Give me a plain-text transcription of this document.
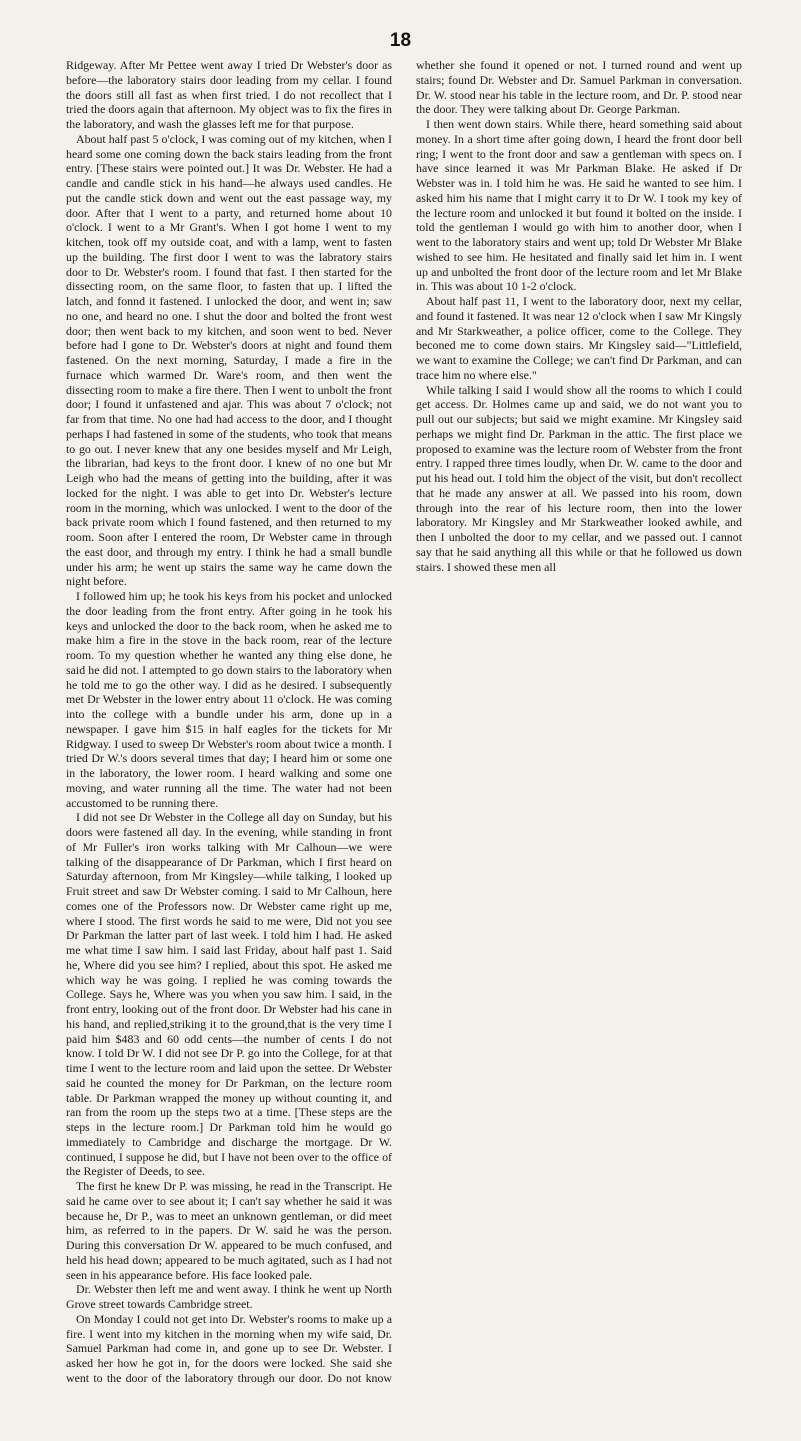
18

Ridgeway. After Mr Pettee went away I tried Dr Webster's door as before—the laboratory stairs door leading from my cellar. I found the doors still all fast as when first tried. I do not recollect that I tried the doors again that afternoon. My object was to fix the fires in the laboratory, and wash the glasses left me for that purpose.

About half past 5 o'clock, I was coming out of my kitchen, when I heard some one coming down the back stairs leading from the front entry. [These stairs were pointed out.] It was Dr. Webster. He had a candle and candle stick in his hand—he always used candles. He put the candle stick down and went out the east passage way, my door. After that I went to a party, and returned home about 10 o'clock. I went to a Mr Grant's. When I got home I went to my kitchen, took off my outside coat, and with a lamp, went to fasten up the building. The first door I went to was the labratory stairs door to Dr. Webster's room. I found that fast. I then started for the dissecting room, on the same floor, to fasten that up. I lifted the latch, and fonnd it fastened. I unlocked the door, and went in; saw no one, and heard no one. I shut the door and bolted the front west door; then went back to my kitchen, and soon went to bed. Never before had I gone to Dr. Webster's doors at night and found them fastened. On the next morning, Saturday, I made a fire in the furnace which warmed Dr. Ware's room, and then went the dissecting room to make a fire there. Then I went to unbolt the front door; I found it unfastened and ajar. This was about 7 o'clock; not far from that time. No one had had access to the door, and I thought perhaps I had fastened in some of the students, who took that means to go out. I never knew that any one besides myself and Mr Leigh, the librarian, had keys to the front door. I knew of no one but Mr Leigh who had the means of getting into the building, after it was locked for the night. I was able to get into Dr. Webster's lecture room in the morning, which was unlocked. I went to the door of the back private room which I found fastened, and then returned to my room. Soon after I entered the room, Dr Webster came in through the east door, and through my entry. I think he had a small bundle under his arm; he went up stairs the same way he came down the night before.

I followed him up; he took his keys from his pocket and unlocked the door leading from the front entry. After going in he took his keys and unlocked the door to the back room, when he asked me to make him a fire in the stove in the back room, rear of the lecture room. To my question whether he wanted any thing else done, he said he did not. I attempted to go down stairs to the laboratory when he told me to go the other way. I did as he desired. I subsequently met Dr Webster in the lower entry about 11 o'clock. He was coming into the college with a bundle under his arm, done up in a newspaper. I gave him $15 in half eagles for the tickets for Mr Ridgway. I used to sweep Dr Webster's room about twice a month. I tried Dr W.'s doors several times that day; I heard him or some one in the laboratory, the lower room. I heard walking and some one moving, and water running all the time. The water had not been accustomed to be running there.

I did not see Dr Webster in the College all day on Sunday, but his doors were fastened all day. In the evening, while standing in front of Mr Fuller's iron works talking with Mr Calhoun—we were talking of the disappearance of Dr Parkman, which I first heard on Saturday afternoon, from Mr Kingsley—while talking, I looked up Fruit street and saw Dr Webster coming. I said to Mr Calhoun, here comes one of the Professors now. Dr Webster came right up me, where I stood. The first words he said to me were, Did not you see Dr Parkman the latter part of last week. I told him I had. He asked me what time I saw him. I said last Friday, about half past 1. Said he, Where did you see him? I replied, about this spot. He asked me which way he was going. I replied he was coming towards the College. Says he, Where was you when you saw him. I said, in the front entry, looking out of the front door. Dr Webster had his cane in his hand, and replied,striking it to the ground,that is the very time I paid him $483 and 60 odd cents—the number of cents I do not know. I told Dr W. I did not see Dr P. go into the College, for at that time I went to the lecture room and laid upon the settee. Dr Webster said he counted the money for Dr Parkman, on the lecture room table. Dr Parkman wrapped the money up without counting it, and ran from the room up the steps two at a time. [These steps are the steps in the lecture room.] Dr Parkman told him he would go immediately to Cambridge and discharge the mortgage. Dr W. continued, I suppose he did, but I have not been over to the office of the Register of Deeds, to see.

The first he knew Dr P. was missing, he read in the Transcript. He said he came over to see about it; I can't say whether he said it was because he, Dr P., was to meet an unknown gentleman, or did meet him, as referred to in the papers. Dr W. said he was the person. During this conversation Dr W. appeared to be much confused, and held his head down; appeared to be much agitated, such as I had not seen in his appearance before. His face looked pale.

Dr. Webster then left me and went away. I think he went up North Grove street towards Cambridge street.

On Monday I could not get into Dr. Webster's rooms to make up a fire. I went into my kitchen in the morning when my wife said, Dr. Samuel Parkman had come in, and gone up to see Dr. Webster. I asked her how he got in, for the doors were locked. She said she went to the door of the laboratory through our door. Do not know whether she found it opened or not. I turned round and went up stairs; found Dr. Webster and Dr. Samuel Parkman in conversation. Dr. W. stood near his table in the lecture room, and Dr. P. stood near the door. They were talking about Dr. George Parkman.

I then went down stairs. While there, heard something said about money. In a short time after going down, I heard the front door bell ring; I went to the front door and saw a gentleman with specs on. I have since learned it was Mr Parkman Blake. He asked if Dr Webster was in. I told him he was. He said he wanted to see him. I asked him his name that I might carry it to Dr W. I took my key of the lecture room and unlocked it but found it bolted on the inside. I told the gentleman I would go with him to another door, when I went to the laboratory stairs and went up; told Dr Webster Mr Blake wished to see him. He hesitated and finally said let him in. I went up and unbolted the front door of the lecture room and let Mr Blake in. This was about 10 1-2 o'clock.

About half past 11, I went to the laboratory door, next my cellar, and found it fastened. It was near 12 o'clock when I saw Mr Kingsly and Mr Starkweather, a police officer, come to the College. They beconed me to come down stairs. Mr Kingsley said—"Littlefield, we want to examine the College; we can't find Dr Parkman, and can trace him no where else."

While talking I said I would show all the rooms to which I could get access. Dr. Holmes came up and said, we do not want you to pull out our subjects; but said we might examine. Mr Kingsley said perhaps we might find Dr. Parkman in the attic. The first place we proposed to examine was the lecture room of Webster from the front entry. I rapped three times loudly, when Dr. W. came to the door and put his head out. I told him the object of the visit, but don't recollect that he made any answer at all. We passed into his room, down through into the rear of his lecture room, then into the lower laboratory. Mr Kingsley and Mr Starkweather looked awhile, and then I unbolted the door to my cellar, and we passed out. I cannot say that he said anything all this while or that he followed us down stairs. I showed these men all
